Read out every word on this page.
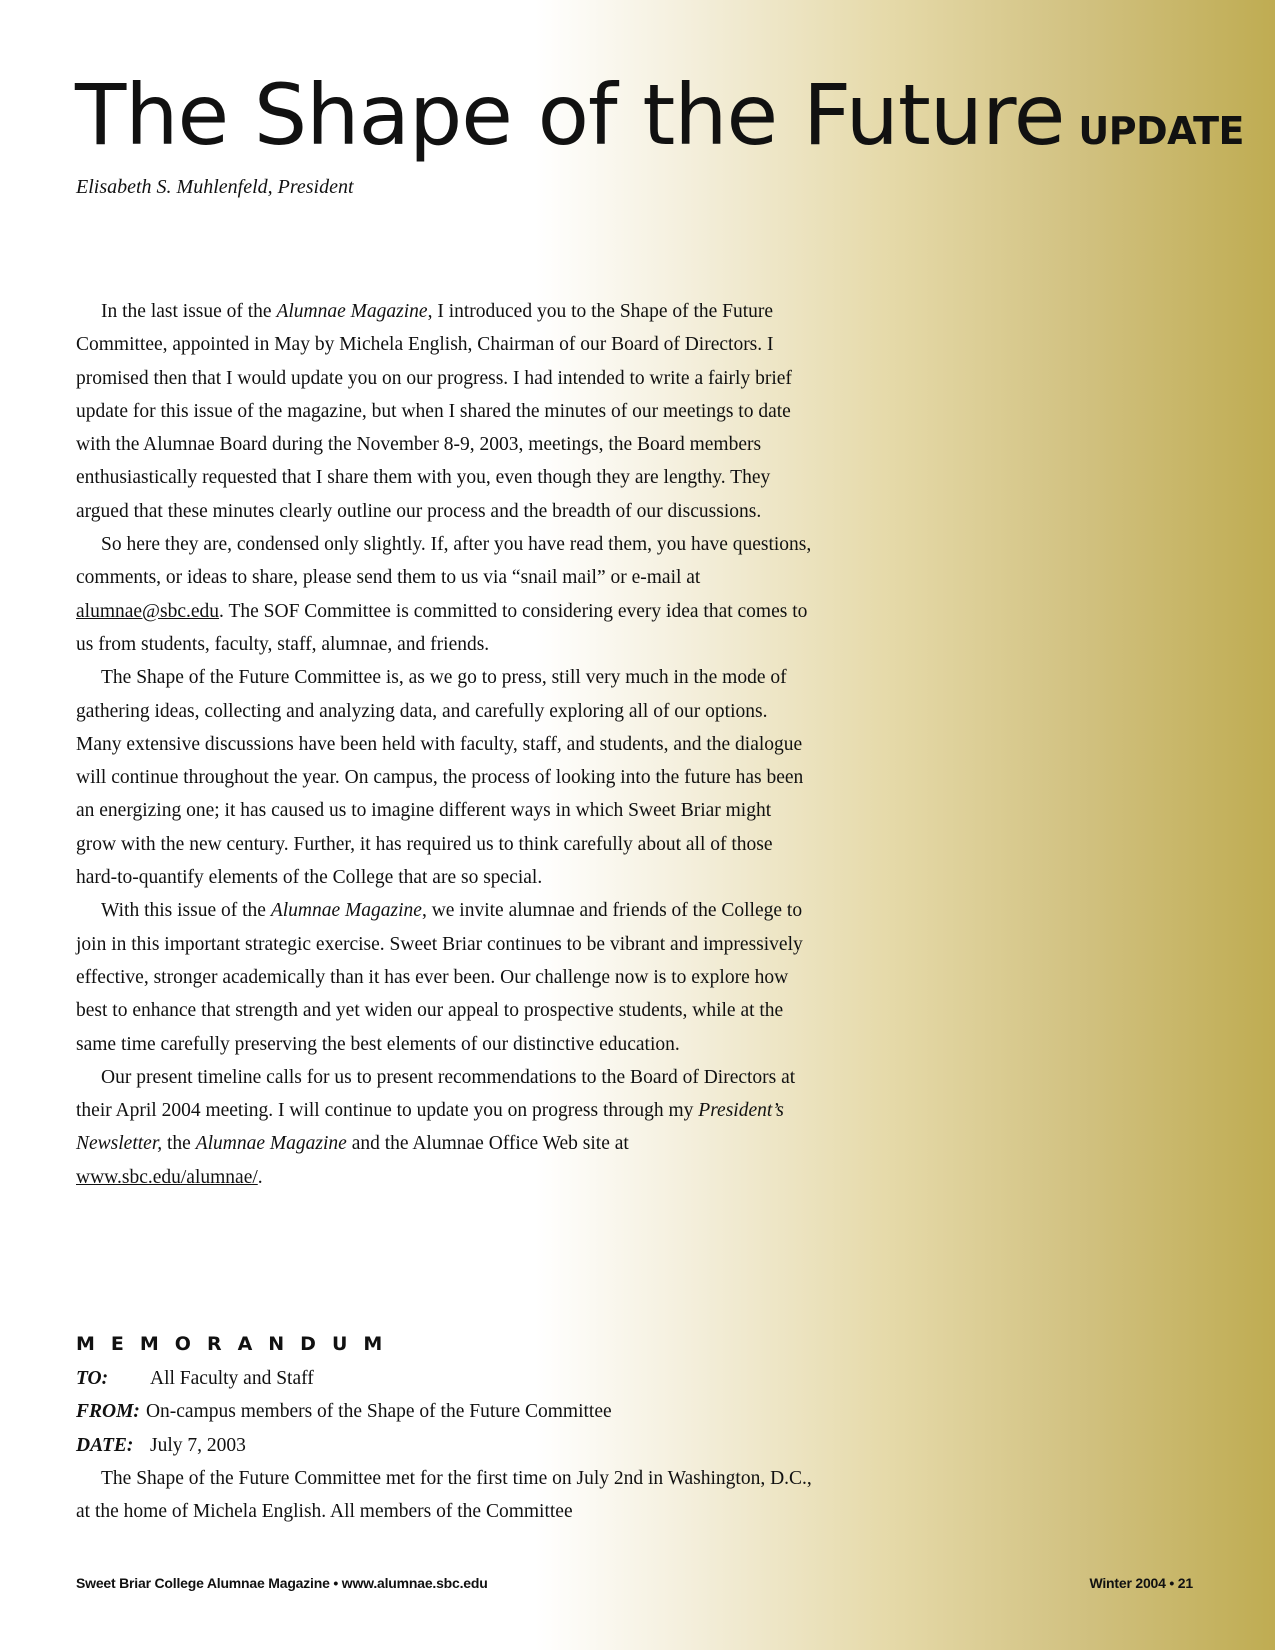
The Shape of the Future UPDATE
Elisabeth S. Muhlenfeld, President

In the last issue of the Alumnae Magazine, I introduced you to the Shape of the Future Committee, appointed in May by Michela English, Chairman of our Board of Directors. I promised then that I would update you on our progress. I had intended to write a fairly brief update for this issue of the magazine, but when I shared the minutes of our meetings to date with the Alumnae Board during the November 8-9, 2003, meetings, the Board members enthusiastically requested that I share them with you, even though they are lengthy. They argued that these minutes clearly outline our process and the breadth of our discussions.

So here they are, condensed only slightly. If, after you have read them, you have questions, comments, or ideas to share, please send them to us via “snail mail” or e-mail at alumnae@sbc.edu. The SOF Committee is committed to considering every idea that comes to us from students, faculty, staff, alumnae, and friends.

The Shape of the Future Committee is, as we go to press, still very much in the mode of gathering ideas, collecting and analyzing data, and carefully exploring all of our options. Many extensive discussions have been held with faculty, staff, and students, and the dialogue will continue throughout the year. On campus, the process of looking into the future has been an energizing one; it has caused us to imagine different ways in which Sweet Briar might grow with the new century. Further, it has required us to think carefully about all of those hard-to-quantify elements of the College that are so special.

With this issue of the Alumnae Magazine, we invite alumnae and friends of the College to join in this important strategic exercise. Sweet Briar continues to be vibrant and impressively effective, stronger academically than it has ever been. Our challenge now is to explore how best to enhance that strength and yet widen our appeal to prospective students, while at the same time carefully preserving the best elements of our distinctive education.

Our present timeline calls for us to present recommendations to the Board of Directors at their April 2004 meeting. I will continue to update you on progress through my President’s Newsletter, the Alumnae Magazine and the Alumnae Office Web site at www.sbc.edu/alumnae/.

MEMORANDUM
TO: All Faculty and Staff
FROM: On-campus members of the Shape of the Future Committee
DATE: July 7, 2003

The Shape of the Future Committee met for the first time on July 2nd in Washington, D.C., at the home of Michela English. All members of the Committee

Sweet Briar College Alumnae Magazine • www.alumnae.sbc.edu	Winter 2004 • 21
